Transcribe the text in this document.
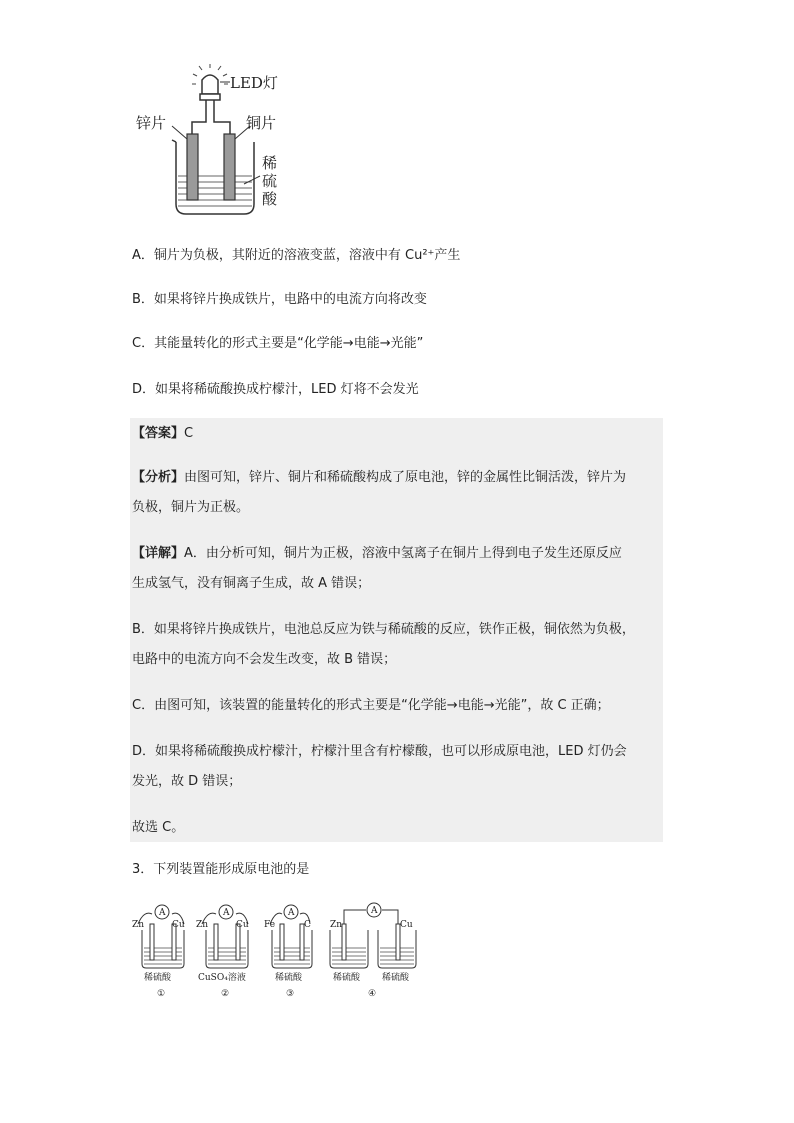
LED灯
锌片	铜片
稀
硫
酸
A．铜片为负极，其附近的溶液变蓝，溶液中有 Cu²⁺产生
B．如果将锌片换成铁片，电路中的电流方向将改变
C．其能量转化的形式主要是“化学能→电能→光能”
D．如果将稀硫酸换成柠檬汁，LED 灯将不会发光
【答案】C
【分析】由图可知，锌片、铜片和稀硫酸构成了原电池，锌的金属性比铜活泼，锌片为
负极，铜片为正极。
【详解】A．由分析可知，铜片为正极，溶液中氢离子在铜片上得到电子发生还原反应
生成氢气，没有铜离子生成，故 A 错误；
B．如果将锌片换成铁片，电池总反应为铁与稀硫酸的反应，铁作正极，铜依然为负极，
电路中的电流方向不会发生改变，故 B 错误；
C．由图可知，该装置的能量转化的形式主要是“化学能→电能→光能”，故 C 正确；
D．如果将稀硫酸换成柠檬汁，柠檬汁里含有柠檬酸，也可以形成原电池，LED 灯仍会
发光，故 D 错误；
故选 C。
3．下列装置能形成原电池的是
A	A	A	A
Zn	Cu
稀硫酸
①
Zn	Cu
CuSO₄溶液
②
Fe	C
稀硫酸
③
Zn	Cu
稀硫酸 稀硫酸
④
